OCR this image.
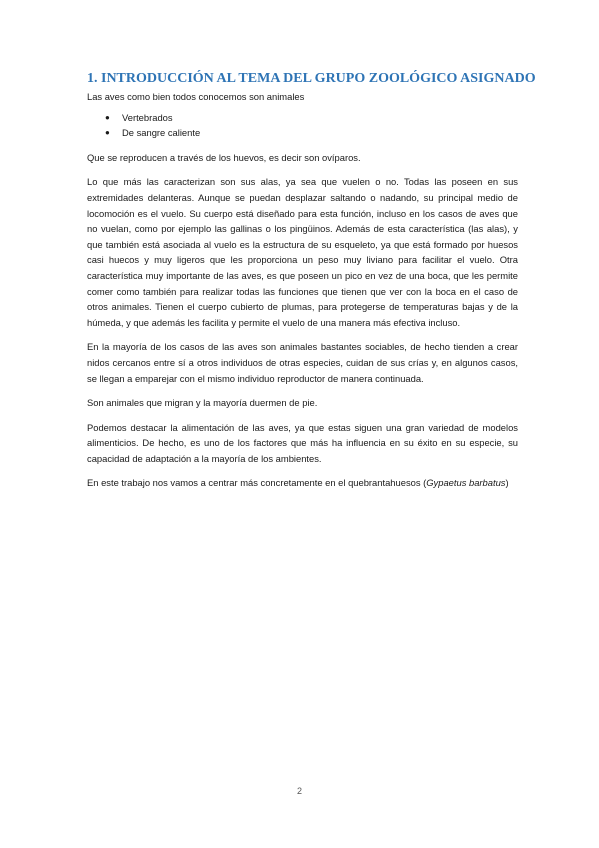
1. INTRODUCCIÓN AL TEMA DEL GRUPO ZOOLÓGICO ASIGNADO

Las aves como bien todos conocemos son animales

● Vertebrados
● De sangre caliente

Que se reproducen a través de los huevos, es decir son ovíparos.

Lo que más las caracterizan son sus alas, ya sea que vuelen o no. Todas las poseen en sus extremidades delanteras. Aunque se puedan desplazar saltando o nadando, su principal medio de locomoción es el vuelo. Su cuerpo está diseñado para esta función, incluso en los casos de aves que no vuelan, como por ejemplo las gallinas o los pingüinos. Además de esta característica (las alas), y que también está asociada al vuelo es la estructura de su esqueleto, ya que está formado por huesos casi huecos y muy ligeros que les proporciona un peso muy liviano para facilitar el vuelo. Otra característica muy importante de las aves, es que poseen un pico en vez de una boca, que les permite comer como también para realizar todas las funciones que tienen que ver con la boca en el caso de otros animales. Tienen el cuerpo cubierto de plumas, para protegerse de temperaturas bajas y de la húmeda, y que además les facilita y permite el vuelo de una manera más efectiva incluso.

En la mayoría de los casos de las aves son animales bastantes sociables, de hecho tienden a crear nidos cercanos entre sí a otros individuos de otras especies, cuidan de sus crías y, en algunos casos, se llegan a emparejar con el mismo individuo reproductor de manera continuada.

Son animales que migran y la mayoría duermen de pie.

Podemos destacar la alimentación de las aves, ya que estas siguen una gran variedad de modelos alimenticios. De hecho, es uno de los factores que más ha influencia en su éxito en su especie, su capacidad de adaptación a la mayoría de los ambientes.

En este trabajo nos vamos a centrar más concretamente en el quebrantahuesos (Gypaetus barbatus)

2
